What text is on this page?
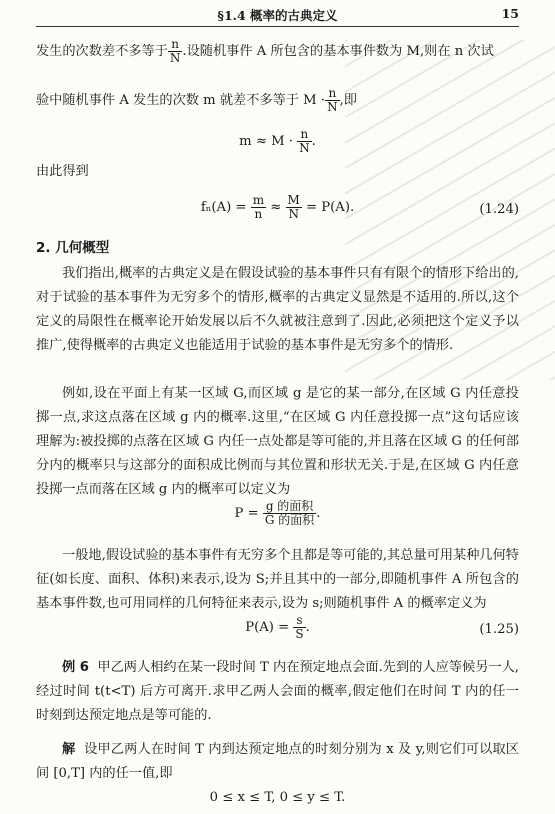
§1.4 概率的古典定义	15
发生的次数差不多等于 $\frac{n}{N}$ .设随机事件 A 所包含的基本事件数为 M,则在 n 次试
验中随机事件 A 发生的次数 m 就差不多等于 $M \cdot \frac{n}{N}$ ,即
$m \approx M \cdot \frac{n}{N}$ .
由此得到
$f_n(A) = \frac{m}{n} \approx \frac{M}{N} = P(A)$.	(1.24)
2. 几何概型
我们指出,概率的古典定义是在假设试验的基本事件只有有限个的情形下给出的,对于试验的基本事件为无穷多个的情形,概率的古典定义显然是不适用的.所以,这个定义的局限性在概率论开始发展以后不久就被注意到了.因此,必须把这个定义予以推广,使得概率的古典定义也能适用于试验的基本事件是无穷多个的情形.
例如,设在平面上有某一区域 G,而区域 g 是它的某一部分,在区域 G 内任意投掷一点,求这点落在区域 g 内的概率.这里,“在区域 G 内任意投掷一点”这句话应该理解为:被投掷的点落在区域 G 内任一点处都是等可能的,并且落在区域 G 的任何部分内的概率只与这部分的面积成比例而与其位置和形状无关.于是,在区域 G 内任意投掷一点而落在区域 g 内的概率可以定义为
$P = \frac{\text{g 的面积}}{\text{G 的面积}}$ .
一般地,假设试验的基本事件有无穷多个且都是等可能的,其总量可用某种几何特征(如长度、面积、体积)来表示,设为 S;并且其中的一部分,即随机事件 A 所包含的基本事件数,也可用同样的几何特征来表示,设为 s;则随机事件 A 的概率定义为
$P(A) = \frac{s}{S}$ .	(1.25)
例 6 甲乙两人相约在某一段时间 T 内在预定地点会面.先到的人应等候另一人,经过时间 t(t<T) 后方可离开.求甲乙两人会面的概率,假定他们在时间 T 内的任一时刻到达预定地点是等可能的.
解 设甲乙两人在时间 T 内到达预定地点的时刻分别为 x 及 y,则它们可以取区间 [0,T] 内的任一值,即
0 ≤ x ≤ T, 0 ≤ y ≤ T.
